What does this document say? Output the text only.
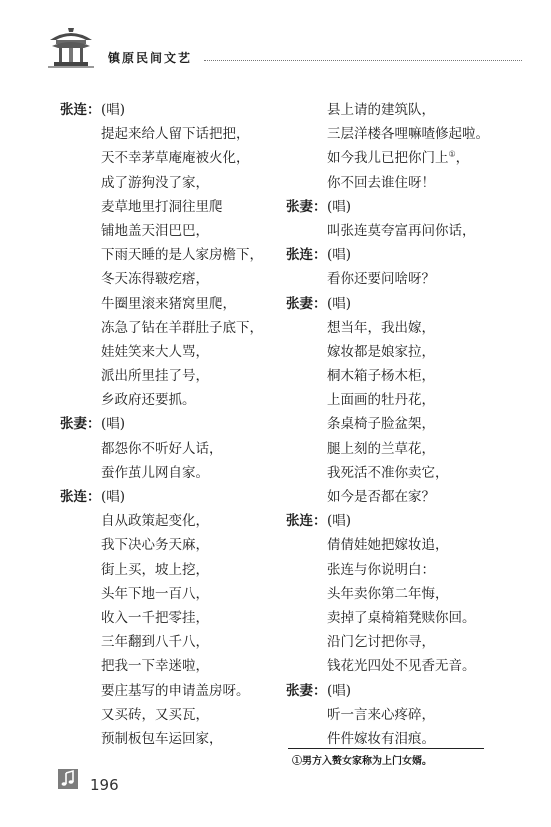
镇原民间文艺
张连： (唱)
提起来给人留下话把把，
天不幸茅草庵庵被火化，
成了游狗没了家，
麦草地里打洞往里爬
铺地盖天泪巴巴，
下雨天睡的是人家房檐下，
冬天冻得皲疙瘩，
牛圈里滚来猪窝里爬，
冻急了钻在羊群肚子底下，
娃娃笑来大人骂，
派出所里挂了号，
乡政府还要抓。
张妻： (唱)
都怨你不听好人话，
蚕作茧儿网自家。
张连： (唱)
自从政策起变化，
我下决心务天麻，
街上买，坡上挖，
头年下地一百八，
收入一千把零挂，
三年翻到八千八，
把我一下幸迷啦，
要庄基写的申请盖房呀。
又买砖，又买瓦，
预制板包车运回家，
县上请的建筑队，
三层洋楼各哩嘛喳修起啦。
如今我儿已把你门上①，
你不回去谁住呀！
张妻： (唱)
叫张连莫夸富再问你话，
张连： (唱)
看你还要问啥呀？
张妻： (唱)
想当年，我出嫁，
嫁妆都是娘家拉，
桐木箱子杨木柜，
上面画的牡丹花，
条桌椅子脸盆架，
腿上刻的兰草花，
我死活不准你卖它，
如今是否都在家？
张连： (唱)
倩倩娃她把嫁妆追，
张连与你说明白：
头年卖你第二年悔，
卖掉了桌椅箱凳赎你回。
沿门乞讨把你寻，
钱花光四处不见香无音。
张妻： (唱)
听一言来心疼碎，
件件嫁妆有泪痕。
①男方入赘女家称为上门女婿。
196
